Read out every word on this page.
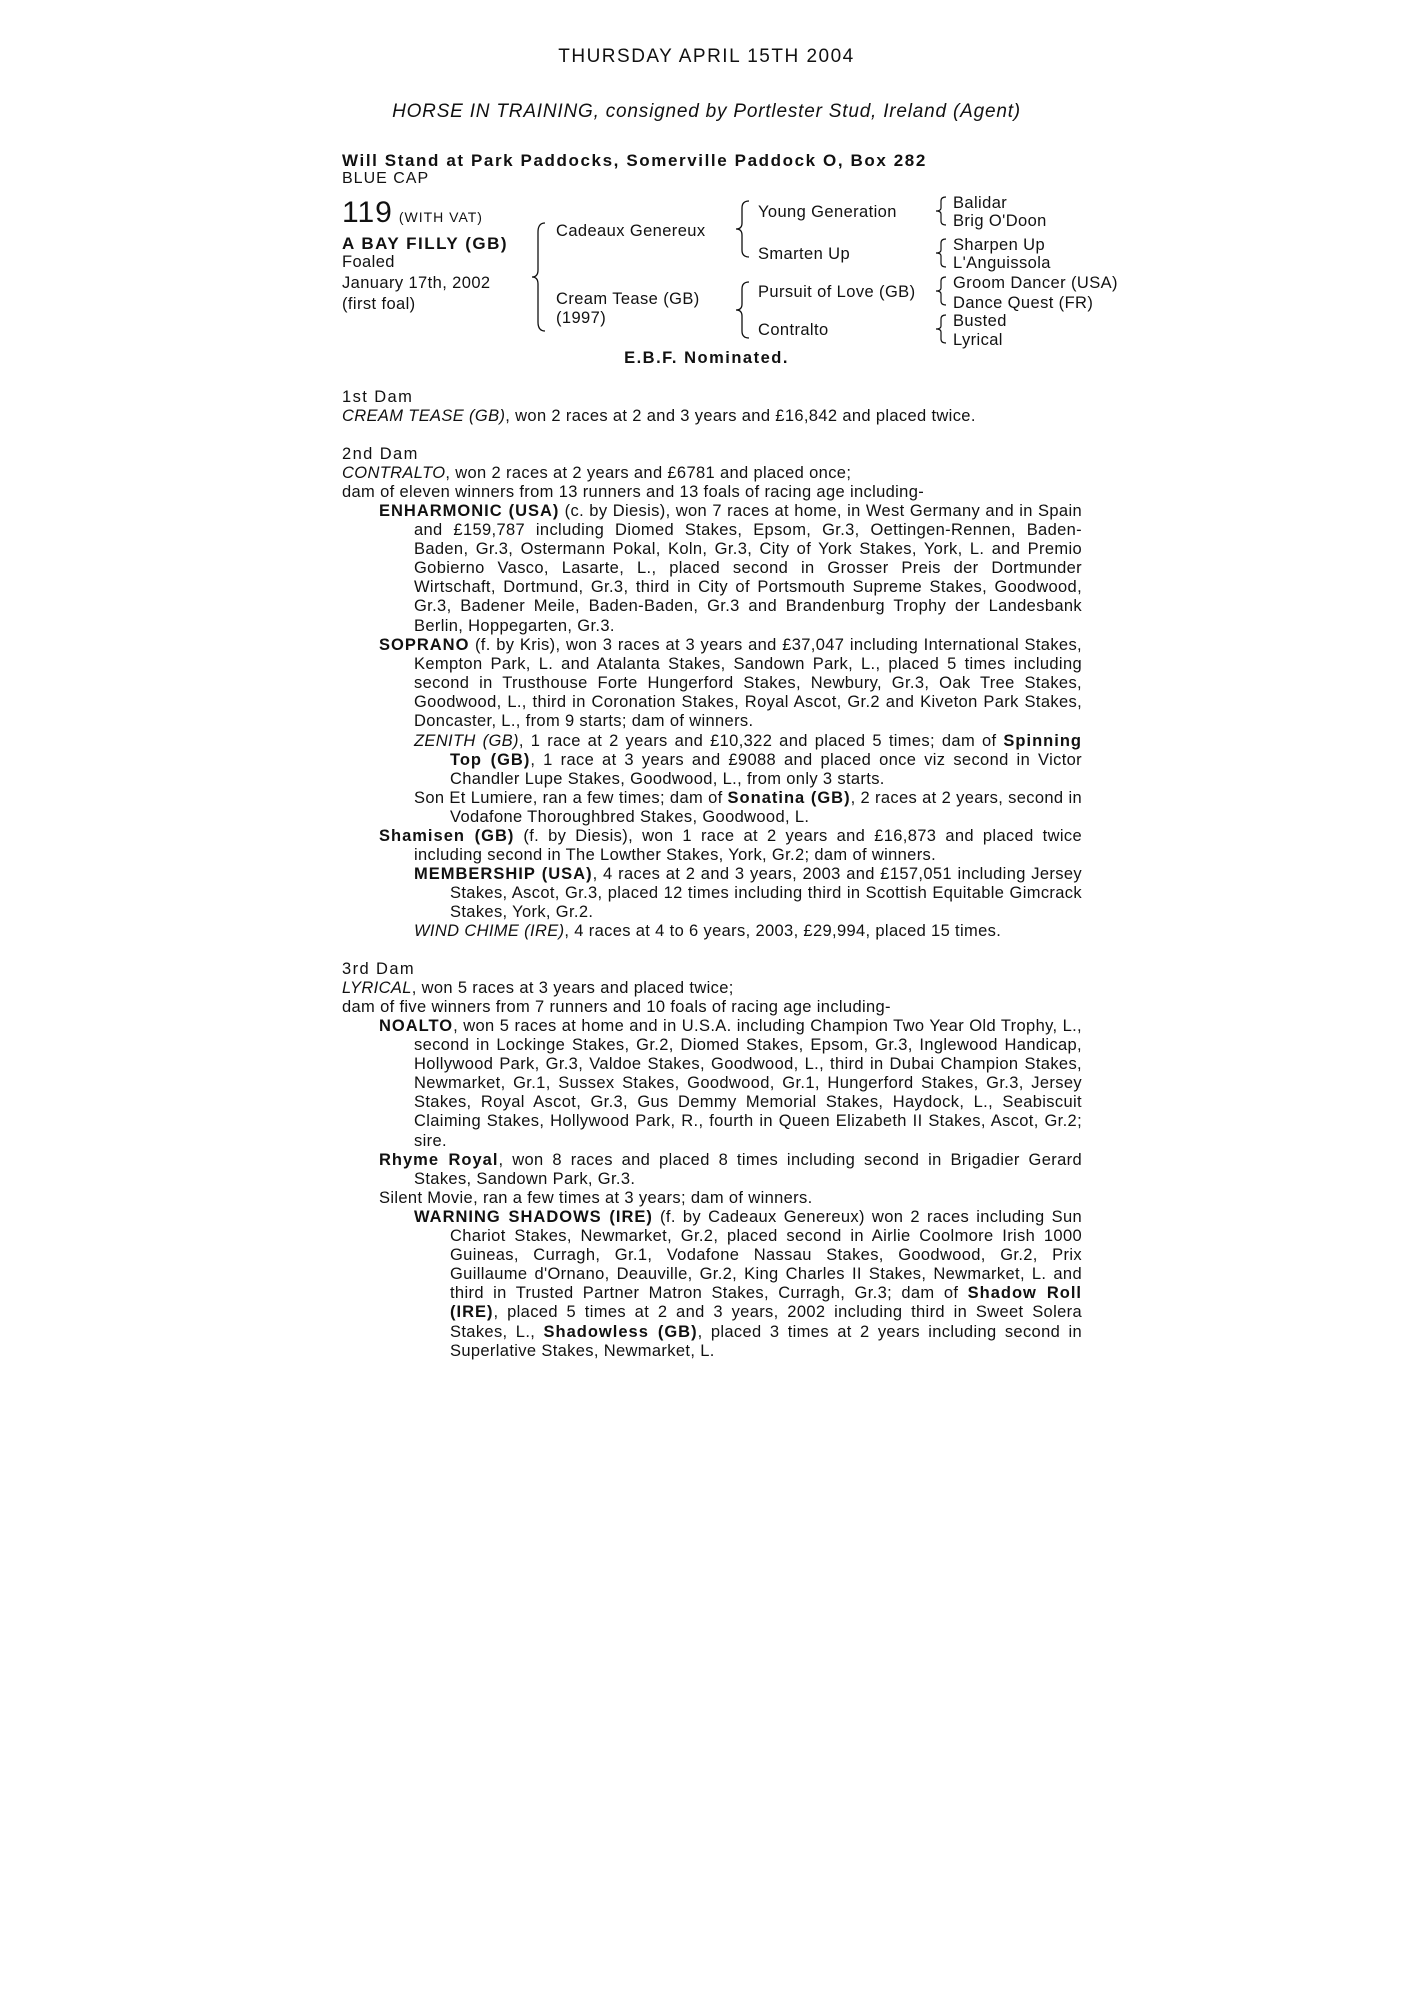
THURSDAY APRIL 15TH 2004
HORSE IN TRAINING, consigned by Portlester Stud, Ireland (Agent)
Will Stand at Park Paddocks, Somerville Paddock O, Box 282
BLUE CAP
119 (WITH VAT)
A BAY FILLY (GB)
Foaled
January 17th, 2002
(first foal)
Cadeaux Genereux
Cream Tease (GB)
(1997)
Young Generation
Smarten Up
Pursuit of Love (GB)
Contralto
Balidar
Brig O'Doon
Sharpen Up
L'Anguissola
Groom Dancer (USA)
Dance Quest (FR)
Busted
Lyrical
E.B.F. Nominated.
1st Dam
CREAM TEASE (GB), won 2 races at 2 and 3 years and £16,842 and placed twice.
2nd Dam
CONTRALTO, won 2 races at 2 years and £6781 and placed once;
dam of eleven winners from 13 runners and 13 foals of racing age including-

ENHARMONIC (USA) (c. by Diesis), won 7 races at home, in West Germany and in Spain and £159,787 including Diomed Stakes, Epsom, Gr.3, Oettingen-Rennen, Baden-Baden, Gr.3, Ostermann Pokal, Koln, Gr.3, City of York Stakes, York, L. and Premio Gobierno Vasco, Lasarte, L., placed second in Grosser Preis der Dortmunder Wirtschaft, Dortmund, Gr.3, third in City of Portsmouth Supreme Stakes, Goodwood, Gr.3, Badener Meile, Baden-Baden, Gr.3 and Brandenburg Trophy der Landesbank Berlin, Hoppegarten, Gr.3.

SOPRANO (f. by Kris), won 3 races at 3 years and £37,047 including International Stakes, Kempton Park, L. and Atalanta Stakes, Sandown Park, L., placed 5 times including second in Trusthouse Forte Hungerford Stakes, Newbury, Gr.3, Oak Tree Stakes, Goodwood, L., third in Coronation Stakes, Royal Ascot, Gr.2 and Kiveton Park Stakes, Doncaster, L., from 9 starts; dam of winners.

ZENITH (GB), 1 race at 2 years and £10,322 and placed 5 times; dam of Spinning Top (GB), 1 race at 3 years and £9088 and placed once viz second in Victor Chandler Lupe Stakes, Goodwood, L., from only 3 starts.

Son Et Lumiere, ran a few times; dam of Sonatina (GB), 2 races at 2 years, second in Vodafone Thoroughbred Stakes, Goodwood, L.

Shamisen (GB) (f. by Diesis), won 1 race at 2 years and £16,873 and placed twice including second in The Lowther Stakes, York, Gr.2; dam of winners.

MEMBERSHIP (USA), 4 races at 2 and 3 years, 2003 and £157,051 including Jersey Stakes, Ascot, Gr.3, placed 12 times including third in Scottish Equitable Gimcrack Stakes, York, Gr.2.

WIND CHIME (IRE), 4 races at 4 to 6 years, 2003, £29,994, placed 15 times.
3rd Dam
LYRICAL, won 5 races at 3 years and placed twice;
dam of five winners from 7 runners and 10 foals of racing age including-

NOALTO, won 5 races at home and in U.S.A. including Champion Two Year Old Trophy, L., second in Lockinge Stakes, Gr.2, Diomed Stakes, Epsom, Gr.3, Inglewood Handicap, Hollywood Park, Gr.3, Valdoe Stakes, Goodwood, L., third in Dubai Champion Stakes, Newmarket, Gr.1, Sussex Stakes, Goodwood, Gr.1, Hungerford Stakes, Gr.3, Jersey Stakes, Royal Ascot, Gr.3, Gus Demmy Memorial Stakes, Haydock, L., Seabiscuit Claiming Stakes, Hollywood Park, R., fourth in Queen Elizabeth II Stakes, Ascot, Gr.2; sire.

Rhyme Royal, won 8 races and placed 8 times including second in Brigadier Gerard Stakes, Sandown Park, Gr.3.

Silent Movie, ran a few times at 3 years; dam of winners.

WARNING SHADOWS (IRE) (f. by Cadeaux Genereux) won 2 races including Sun Chariot Stakes, Newmarket, Gr.2, placed second in Airlie Coolmore Irish 1000 Guineas, Curragh, Gr.1, Vodafone Nassau Stakes, Goodwood, Gr.2, Prix Guillaume d'Ornano, Deauville, Gr.2, King Charles II Stakes, Newmarket, L. and third in Trusted Partner Matron Stakes, Curragh, Gr.3; dam of Shadow Roll (IRE), placed 5 times at 2 and 3 years, 2002 including third in Sweet Solera Stakes, L., Shadowless (GB), placed 3 times at 2 years including second in Superlative Stakes, Newmarket, L.
